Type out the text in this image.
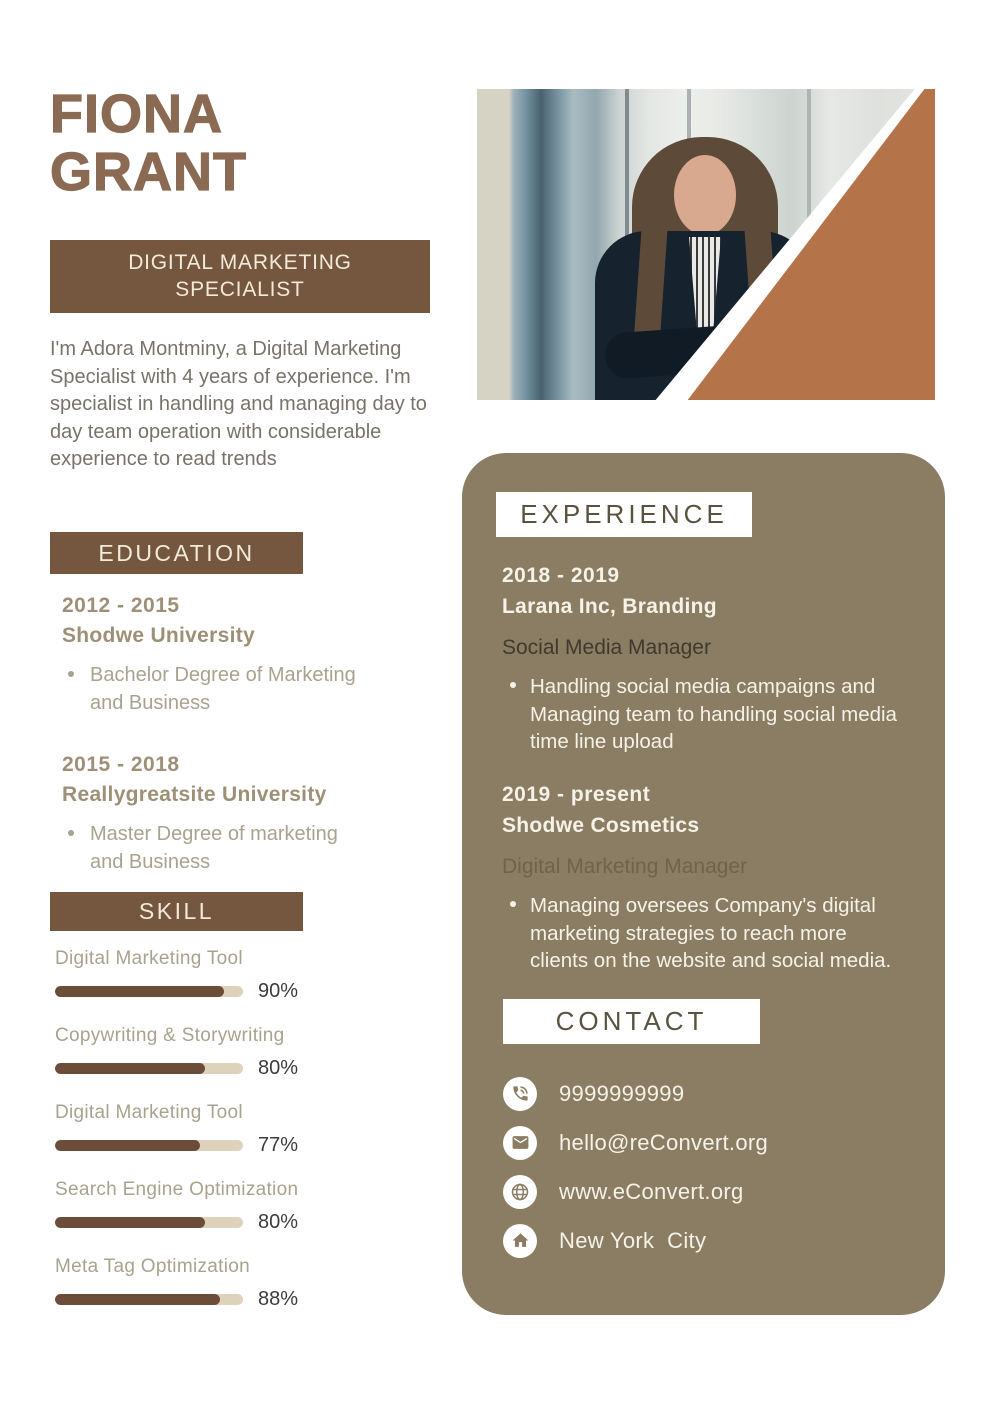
FIONA
GRANT
DIGITAL MARKETING
SPECIALIST

I'm Adora Montminy, a Digital Marketing Specialist with 4 years of experience. I'm specialist in handling and managing day to day team operation with considerable experience to read trends

EDUCATION
2012 - 2015
Shodwe University
Bachelor Degree of Marketing and Business
2015 - 2018
Reallygreatsite University
Master Degree of marketing and Business
SKILL
Digital Marketing Tool
90%
Copywriting & Storywriting
80%
Digital Marketing Tool
77%
Search Engine Optimization
80%
Meta Tag Optimization
88%
EXPERIENCE
2018 - 2019
Larana Inc, Branding
Social Media Manager
Handling social media campaigns and Managing team to handling social media time line upload
2019 - present
Shodwe Cosmetics
Digital Marketing Manager
Managing oversees Company's digital marketing strategies to reach more clients on the website and social media.
CONTACT
9999999999
hello@reConvert.org
www.eConvert.org
New York  City
